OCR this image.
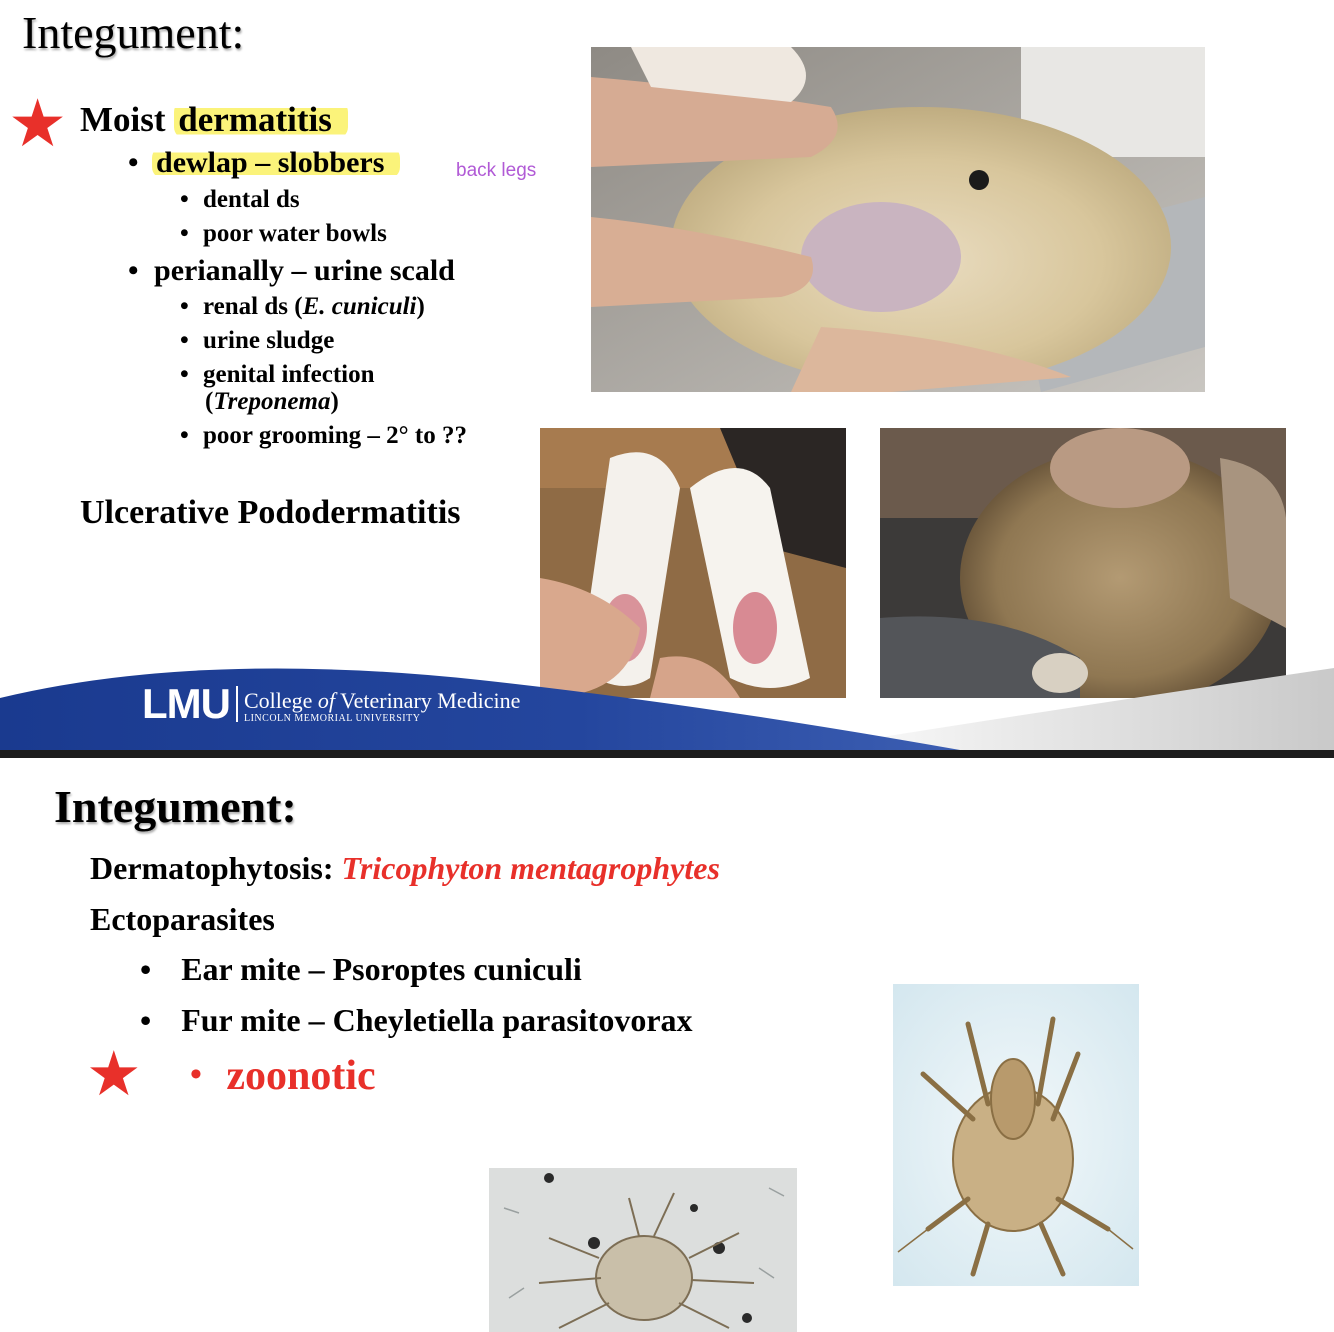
Integument:
★ Moist dermatitis
• dewlap – slobbers	back legs
• dental ds
• poor water bowls
• perianally – urine scald
• renal ds (E. cuniculi)
• urine sludge
• genital infection
(Treponema)
• poor grooming – 2° to ??
Ulcerative Pododermatitis
LMU College of Veterinary Medicine
LINCOLN MEMORIAL UNIVERSITY
Integument:
Dermatophytosis: Tricophyton mentagrophytes
Ectoparasites
• Ear mite – Psoroptes cuniculi
• Fur mite – Cheyletiella parasitovorax
★ • zoonotic
